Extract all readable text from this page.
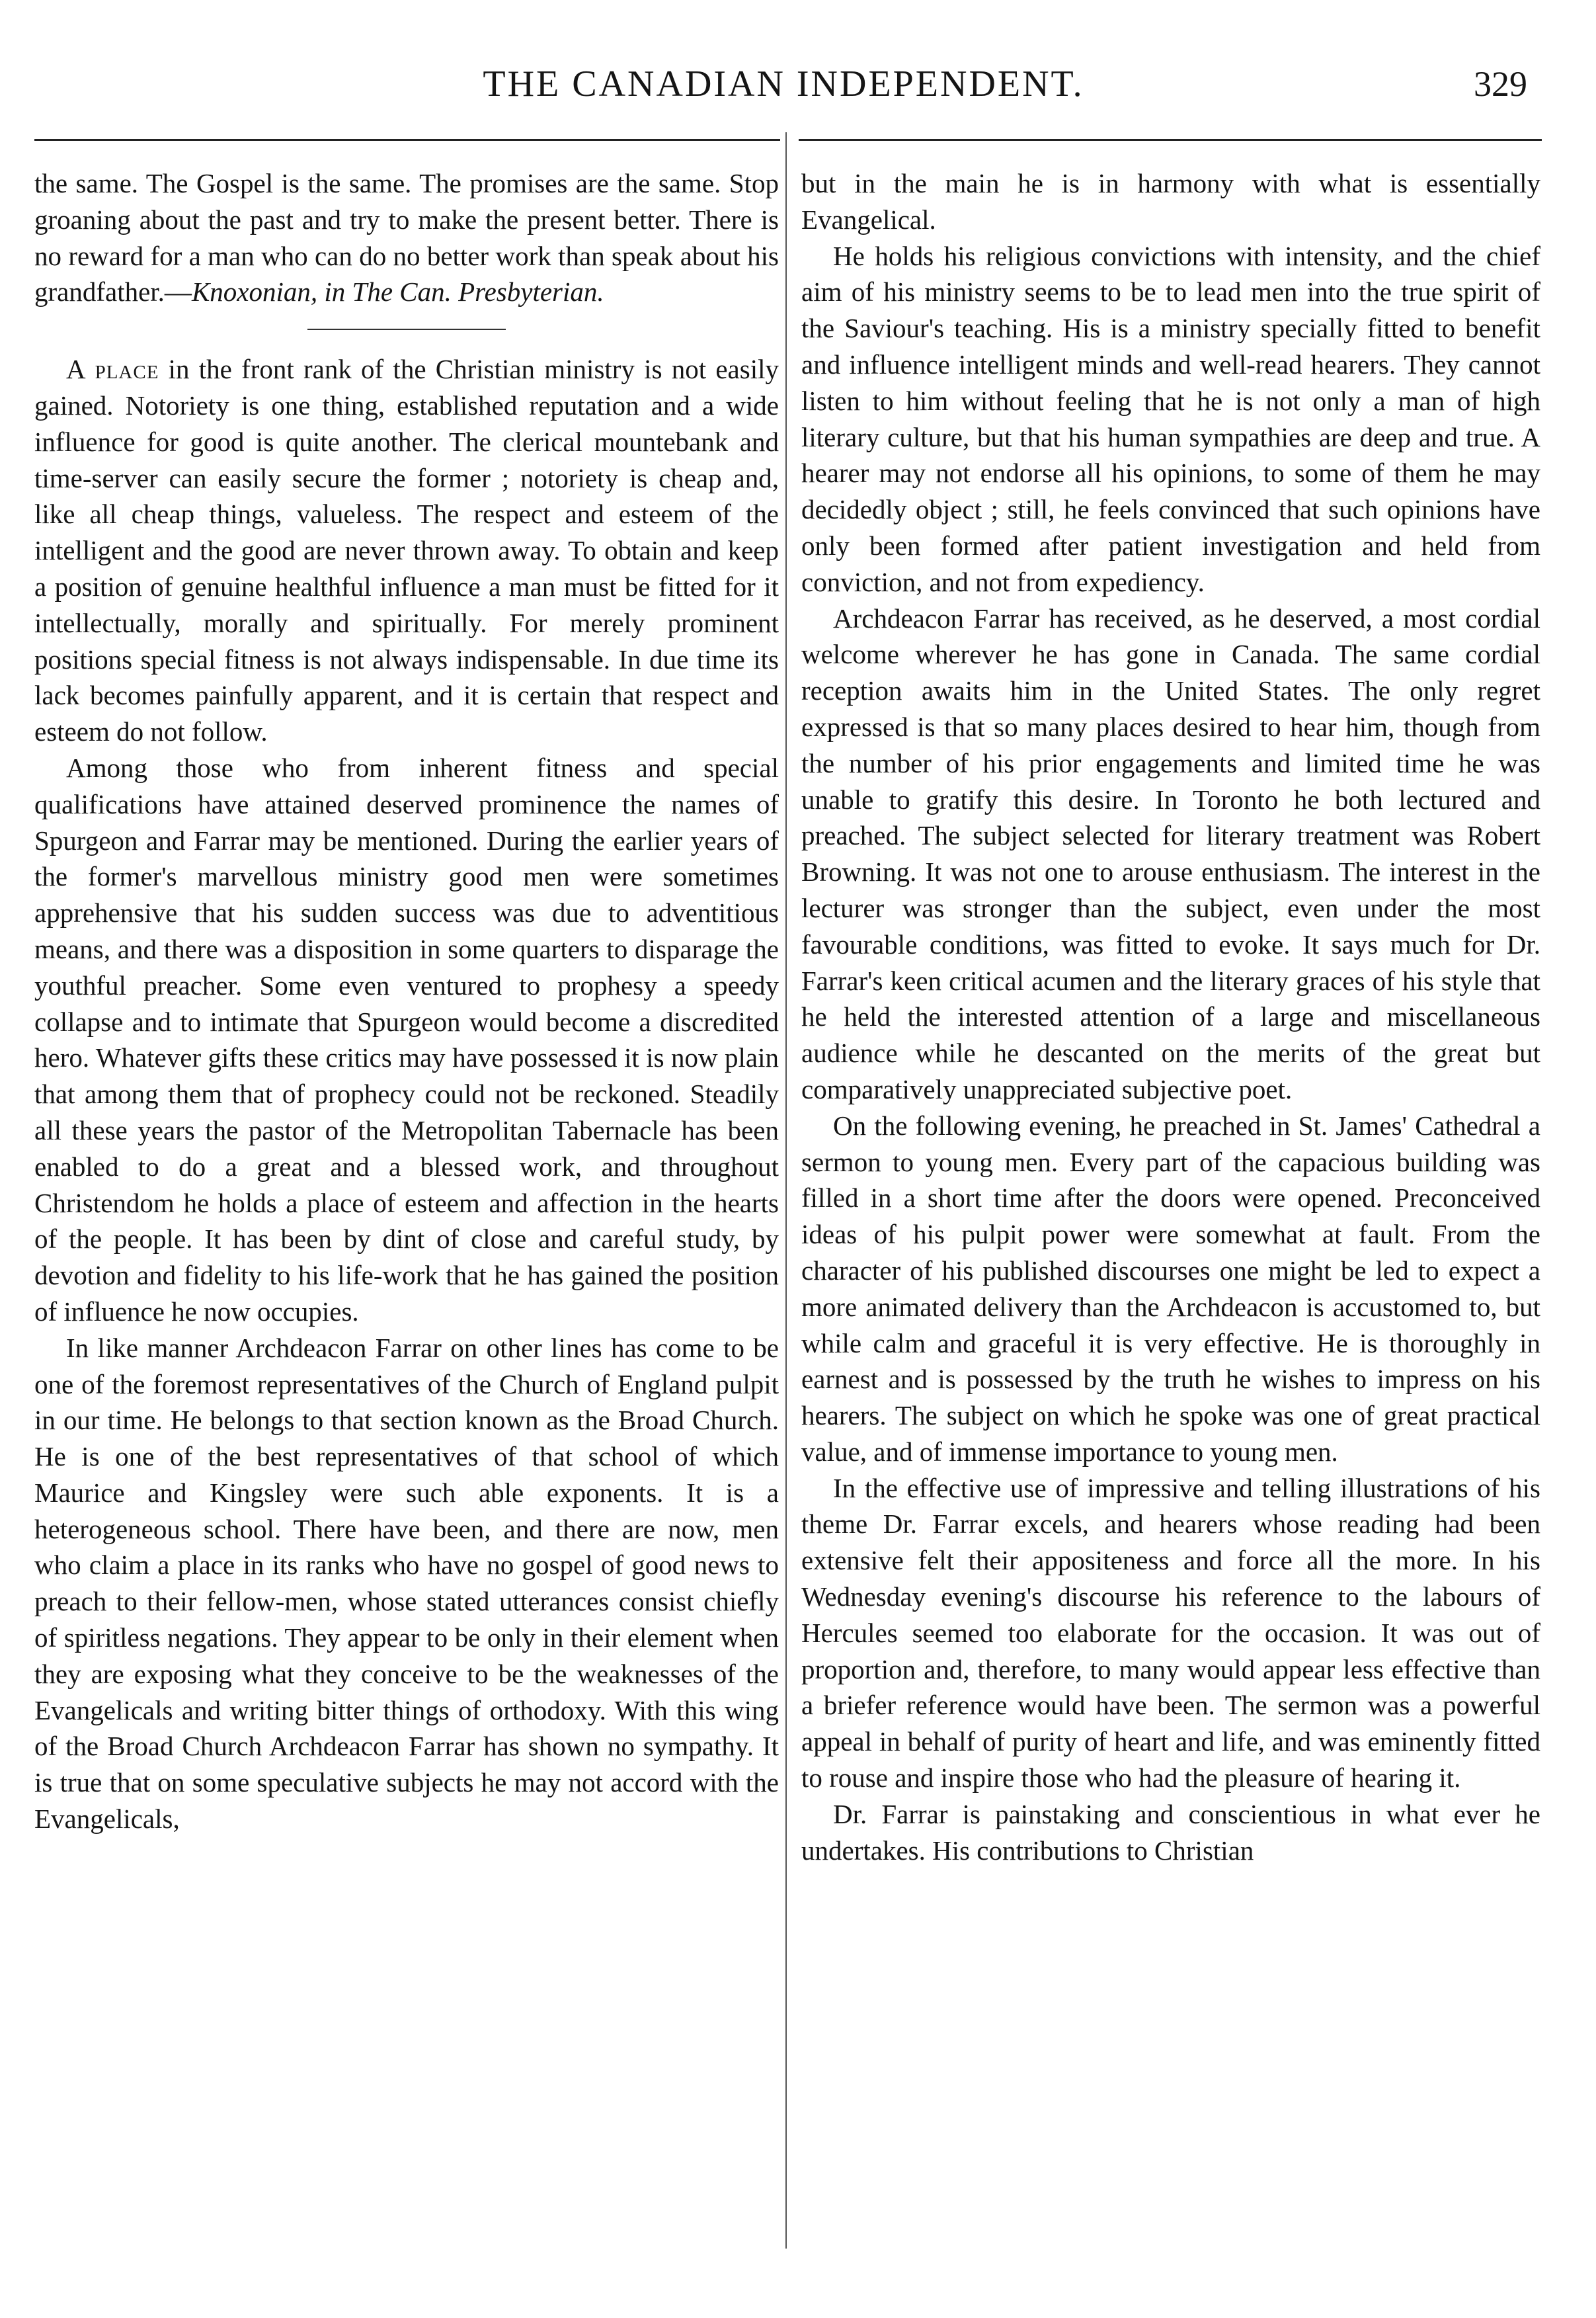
THE CANADIAN INDEPENDENT.	329

the same. The Gospel is the same. The promises are the same. Stop groaning about the past and try to make the present better. There is no reward for a man who can do no better work than speak about his grandfather.—Knoxonian, in The Can. Presbyterian.

A place in the front rank of the Christian ministry is not easily gained. Notoriety is one thing, established reputation and a wide influence for good is quite another. The clerical mountebank and time-server can easily secure the former ; notoriety is cheap and, like all cheap things, valueless. The respect and esteem of the intelligent and the good are never thrown away. To obtain and keep a position of genuine healthful influence a man must be fitted for it intellectually, morally and spiritually. For merely prominent positions special fitness is not always indispensable. In due time its lack becomes painfully apparent, and it is certain that respect and esteem do not follow.

Among those who from inherent fitness and special qualifications have attained deserved prominence the names of Spurgeon and Farrar may be mentioned. During the earlier years of the former's marvellous ministry good men were sometimes apprehensive that his sudden success was due to adventitious means, and there was a disposition in some quarters to disparage the youthful preacher. Some even ventured to prophesy a speedy collapse and to intimate that Spurgeon would become a discredited hero. Whatever gifts these critics may have possessed it is now plain that among them that of prophecy could not be reckoned. Steadily all these years the pastor of the Metropolitan Tabernacle has been enabled to do a great and a blessed work, and throughout Christendom he holds a place of esteem and affection in the hearts of the people. It has been by dint of close and careful study, by devotion and fidelity to his life-work that he has gained the position of influence he now occupies.

In like manner Archdeacon Farrar on other lines has come to be one of the foremost representatives of the Church of England pulpit in our time. He belongs to that section known as the Broad Church. He is one of the best representatives of that school of which Maurice and Kingsley were such able exponents. It is a heterogeneous school. There have been, and there are now, men who claim a place in its ranks who have no gospel of good news to preach to their fellow-men, whose stated utterances consist chiefly of spiritless negations. They appear to be only in their element when they are exposing what they conceive to be the weaknesses of the Evangelicals and writing bitter things of orthodoxy. With this wing of the Broad Church Archdeacon Farrar has shown no sympathy. It is true that on some speculative subjects he may not accord with the Evangelicals,

but in the main he is in harmony with what is essentially Evangelical.

He holds his religious convictions with intensity, and the chief aim of his ministry seems to be to lead men into the true spirit of the Saviour's teaching. His is a ministry specially fitted to benefit and influence intelligent minds and well-read hearers. They cannot listen to him without feeling that he is not only a man of high literary culture, but that his human sympathies are deep and true. A hearer may not endorse all his opinions, to some of them he may decidedly object ; still, he feels convinced that such opinions have only been formed after patient investigation and held from conviction, and not from expediency.

Archdeacon Farrar has received, as he deserved, a most cordial welcome wherever he has gone in Canada. The same cordial reception awaits him in the United States. The only regret expressed is that so many places desired to hear him, though from the number of his prior engagements and limited time he was unable to gratify this desire. In Toronto he both lectured and preached. The subject selected for literary treatment was Robert Browning. It was not one to arouse enthusiasm. The interest in the lecturer was stronger than the subject, even under the most favourable conditions, was fitted to evoke. It says much for Dr. Farrar's keen critical acumen and the literary graces of his style that he held the interested attention of a large and miscellaneous audience while he descanted on the merits of the great but comparatively unappreciated subjective poet.

On the following evening, he preached in St. James' Cathedral a sermon to young men. Every part of the capacious building was filled in a short time after the doors were opened. Preconceived ideas of his pulpit power were somewhat at fault. From the character of his published discourses one might be led to expect a more animated delivery than the Archdeacon is accustomed to, but while calm and graceful it is very effective. He is thoroughly in earnest and is possessed by the truth he wishes to impress on his hearers. The subject on which he spoke was one of great practical value, and of immense importance to young men.

In the effective use of impressive and telling illustrations of his theme Dr. Farrar excels, and hearers whose reading had been extensive felt their appositeness and force all the more. In his Wednesday evening's discourse his reference to the labours of Hercules seemed too elaborate for the occasion. It was out of proportion and, therefore, to many would appear less effective than a briefer reference would have been. The sermon was a powerful appeal in behalf of purity of heart and life, and was eminently fitted to rouse and inspire those who had the pleasure of hearing it.

Dr. Farrar is painstaking and conscientious in what ever he undertakes. His contributions to Christian
